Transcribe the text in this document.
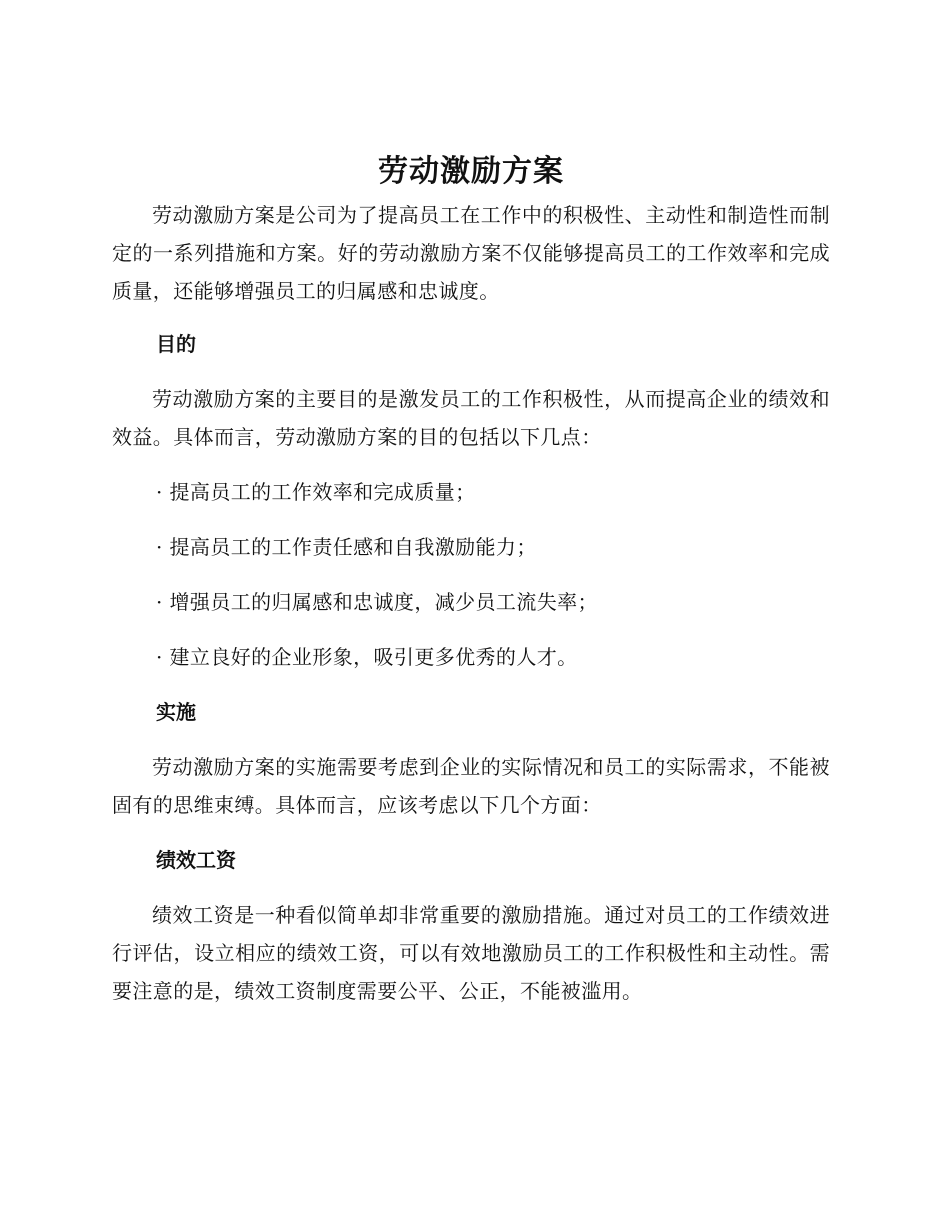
劳动激励方案

劳动激励方案是公司为了提高员工在工作中的积极性、主动性和制造性而制定的一系列措施和方案。好的劳动激励方案不仅能够提高员工的工作效率和完成质量，还能够增强员工的归属感和忠诚度。

目的

劳动激励方案的主要目的是激发员工的工作积极性，从而提高企业的绩效和效益。具体而言，劳动激励方案的目的包括以下几点：

· 提高员工的工作效率和完成质量；

· 提高员工的工作责任感和自我激励能力；

· 增强员工的归属感和忠诚度，减少员工流失率；

· 建立良好的企业形象，吸引更多优秀的人才。

实施

劳动激励方案的实施需要考虑到企业的实际情况和员工的实际需求，不能被固有的思维束缚。具体而言，应该考虑以下几个方面：

绩效工资

绩效工资是一种看似简单却非常重要的激励措施。通过对员工的工作绩效进行评估，设立相应的绩效工资，可以有效地激励员工的工作积极性和主动性。需要注意的是，绩效工资制度需要公平、公正，不能被滥用。
